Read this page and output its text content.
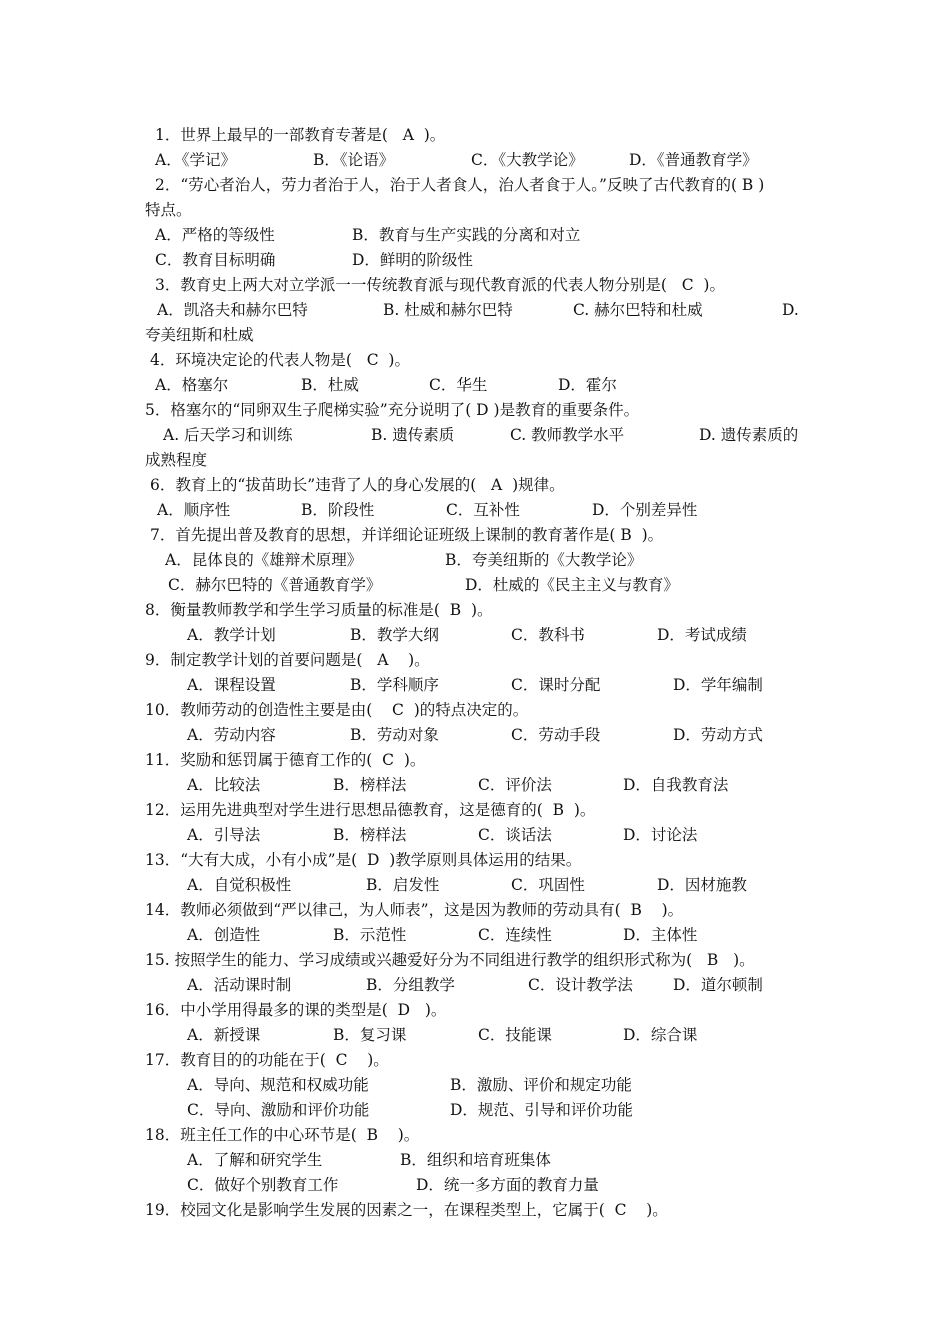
1．世界上最早的一部教育专著是(   A  )。
A．《学记》	B．《论语》	C．《大教学论》	D．《普通教育学》
2．“劳心者治人，劳力者治于人，治于人者食人，治人者食于人。”反映了古代教育的( B )
特点。
A．严格的等级性	B．教育与生产实践的分离和对立
C．教育目标明确	D．鲜明的阶级性
3．教育史上两大对立学派一一传统教育派与现代教育派的代表人物分别是(   C  )。
A．凯洛夫和赫尔巴特	B. 杜威和赫尔巴特	C. 赫尔巴特和杜威	D.
夸美纽斯和杜威
4．环境决定论的代表人物是(   C  )。
A．格塞尔	B．杜威	C．华生	D．霍尔
5．格塞尔的“同卵双生子爬梯实验”充分说明了( D )是教育的重要条件。
A. 后天学习和训练	B. 遗传素质	C. 教师教学水平	D. 遗传素质的
成熟程度
6．教育上的“拔苗助长”违背了人的身心发展的(   A  )规律。
A．顺序性	B．阶段性	C．互补性	D．个别差异性
7．首先提出普及教育的思想，并详细论证班级上课制的教育著作是( B  )。
A．昆体良的《雄辩术原理》	B．夸美纽斯的《大教学论》
C．赫尔巴特的《普通教育学》	D．杜威的《民主主义与教育》
8．衡量教师教学和学生学习质量的标准是(  B  )。
A．教学计划	B．教学大纲	C．教科书	D．考试成绩
9．制定教学计划的首要问题是(   A    )。
A．课程设置	B．学科顺序	C．课时分配	D．学年编制
10．教师劳动的创造性主要是由(    C  )的特点决定的。
A．劳动内容	B．劳动对象	C．劳动手段	D．劳动方式
11．奖励和惩罚属于德育工作的(  C  )。
A．比较法	B．榜样法	C．评价法	D．自我教育法
12．运用先进典型对学生进行思想品德教育，这是德育的(  B  )。
A．引导法	B．榜样法	C．谈话法	D．讨论法
13．“大有大成，小有小成”是(  D  )教学原则具体运用的结果。
A．自觉积极性	B．启发性	C．巩固性	D．因材施教
14．教师必须做到“严以律己，为人师表”，这是因为教师的劳动具有(  B    )。
A．创造性	B．示范性	C．连续性	D．主体性
15. 按照学生的能力、学习成绩或兴趣爱好分为不同组进行教学的组织形式称为(   B   )。
A．活动课时制	B．分组教学	C．设计教学法	D．道尔顿制
16．中小学用得最多的课的类型是(  D   )。
A．新授课	B．复习课	C．技能课	D．综合课
17．教育目的的功能在于(  C    )。
A．导向、规范和权威功能	B．激励、评价和规定功能
C．导向、激励和评价功能	D．规范、引导和评价功能
18．班主任工作的中心环节是(  B    )。
A．了解和研究学生	B．组织和培育班集体
C．做好个别教育工作	D．统一多方面的教育力量
19．校园文化是影响学生发展的因素之一，在课程类型上，它属于(  C    )。
